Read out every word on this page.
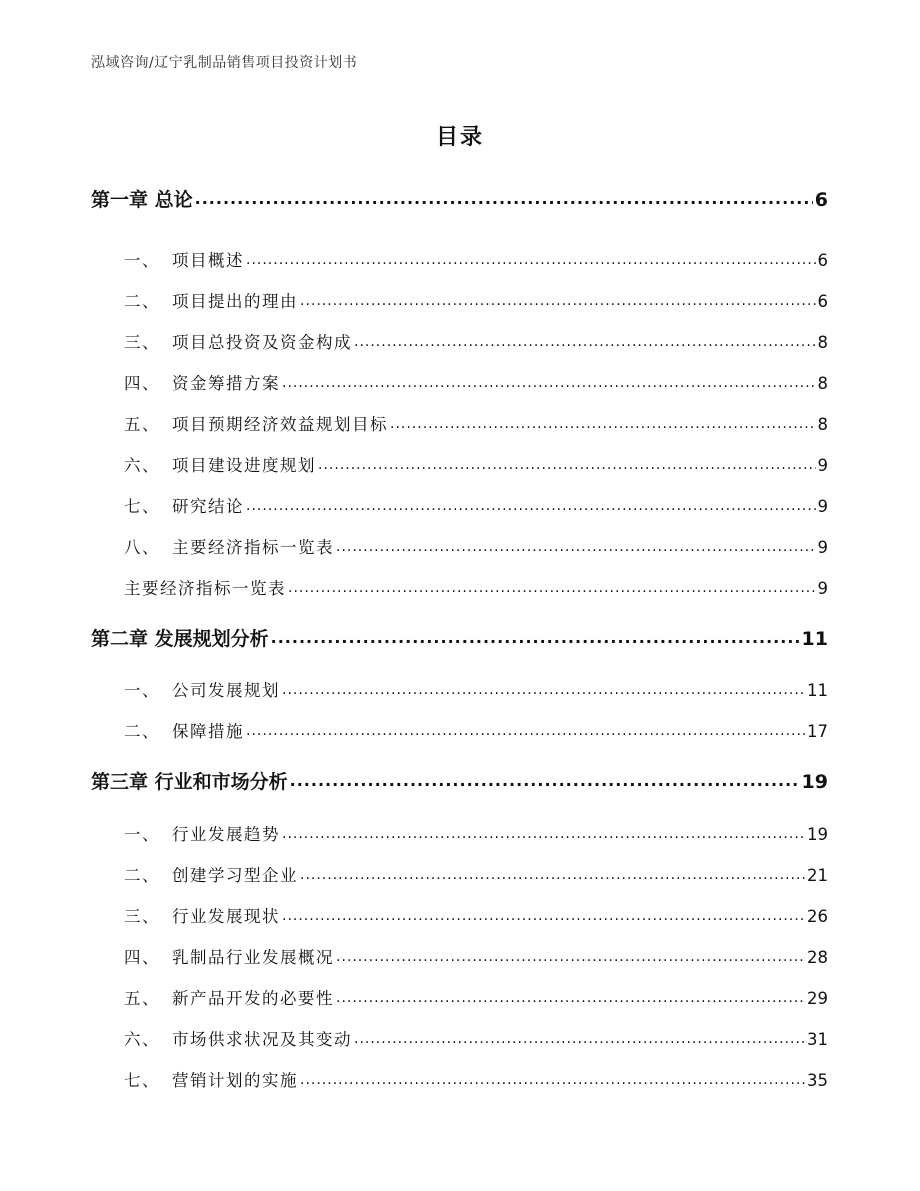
泓域咨询/辽宁乳制品销售项目投资计划书
目录
第一章 总论 .....	6
一、 项目概述 .....	6
二、 项目提出的理由 .....	6
三、 项目总投资及资金构成 .....	8
四、 资金筹措方案 .....	8
五、 项目预期经济效益规划目标 .....	8
六、 项目建设进度规划 .....	9
七、 研究结论 .....	9
八、 主要经济指标一览表 .....	9
主要经济指标一览表 .....	9
第二章 发展规划分析 .....	11
一、 公司发展规划 .....	11
二、 保障措施 .....	17
第三章 行业和市场分析 .....	19
一、 行业发展趋势 .....	19
二、 创建学习型企业 .....	21
三、 行业发展现状 .....	26
四、 乳制品行业发展概况 .....	28
五、 新产品开发的必要性 .....	29
六、 市场供求状况及其变动 .....	31
七、 营销计划的实施 .....	35
